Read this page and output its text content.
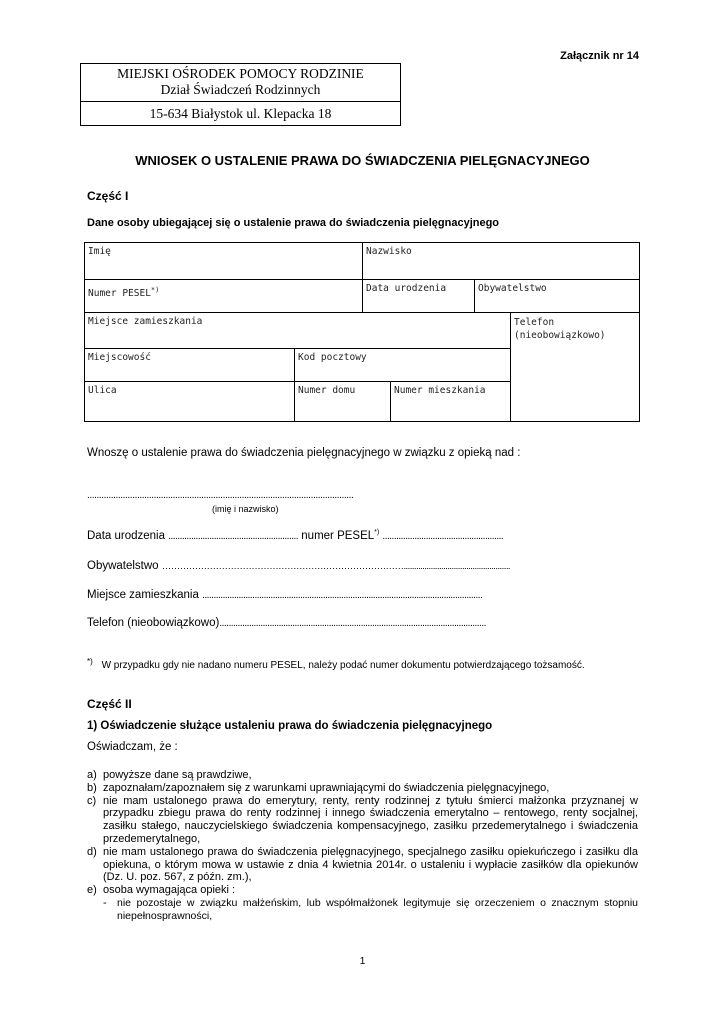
Załącznik nr 14
MIEJSKI OŚRODEK POMOCY RODZINIE
Dział Świadczeń Rodzinnych
15-634 Białystok ul. Klepacka 18
WNIOSEK O USTALENIE PRAWA DO ŚWIADCZENIA PIELĘGNACYJNEGO
Część I
Dane osoby ubiegającej się o ustalenie prawa do świadczenia pielęgnacyjnego
Imię	Nazwisko
Numer PESEL*)	Data urodzenia	Obywatelstwo
Miejsce zamieszkania	Telefon
(nieobowiązkowo)
Miejscowość	Kod pocztowy
Ulica	Numer domu	Numer mieszkania
Wnoszę o ustalenie prawa do świadczenia pielęgnacyjnego w związku z opieką nad :
................................................................................................................
(imię i nazwisko)
Data urodzenia ......................................................... numer PESEL*) .....................................................
Obywatelstwo ………………………………………………………………………...................................................
Miejsce zamieszkania ...........................................................................................................................
Telefon (nieobowiązkowo).....................................................................................................................
*) W przypadku gdy nie nadano numeru PESEL, należy podać numer dokumentu potwierdzającego tożsamość.
Część II
1) Oświadczenie służące ustaleniu prawa do świadczenia pielęgnacyjnego
Oświadczam, że :
a) powyższe dane są prawdziwe,
b) zapoznałam/zapoznałem się z warunkami uprawniającymi do świadczenia pielęgnacyjnego,
c) nie mam ustalonego prawa do emerytury, renty, renty rodzinnej z tytułu śmierci małżonka przyznanej w przypadku zbiegu prawa do renty rodzinnej i innego świadczenia emerytalno – rentowego, renty socjalnej, zasiłku stałego, nauczycielskiego świadczenia kompensacyjnego, zasiłku przedemerytalnego i świadczenia przedemerytalnego,
d) nie mam ustalonego prawa do świadczenia pielęgnacyjnego, specjalnego zasiłku opiekuńczego i zasiłku dla opiekuna, o którym mowa w ustawie z dnia 4 kwietnia 2014r. o ustaleniu i wypłacie zasiłków dla opiekunów (Dz. U. poz. 567, z późn. zm.),
e) osoba wymagająca opieki :
- nie pozostaje w związku małżeńskim, lub współmałżonek legitymuje się orzeczeniem o znacznym stopniu niepełnosprawności,
1
